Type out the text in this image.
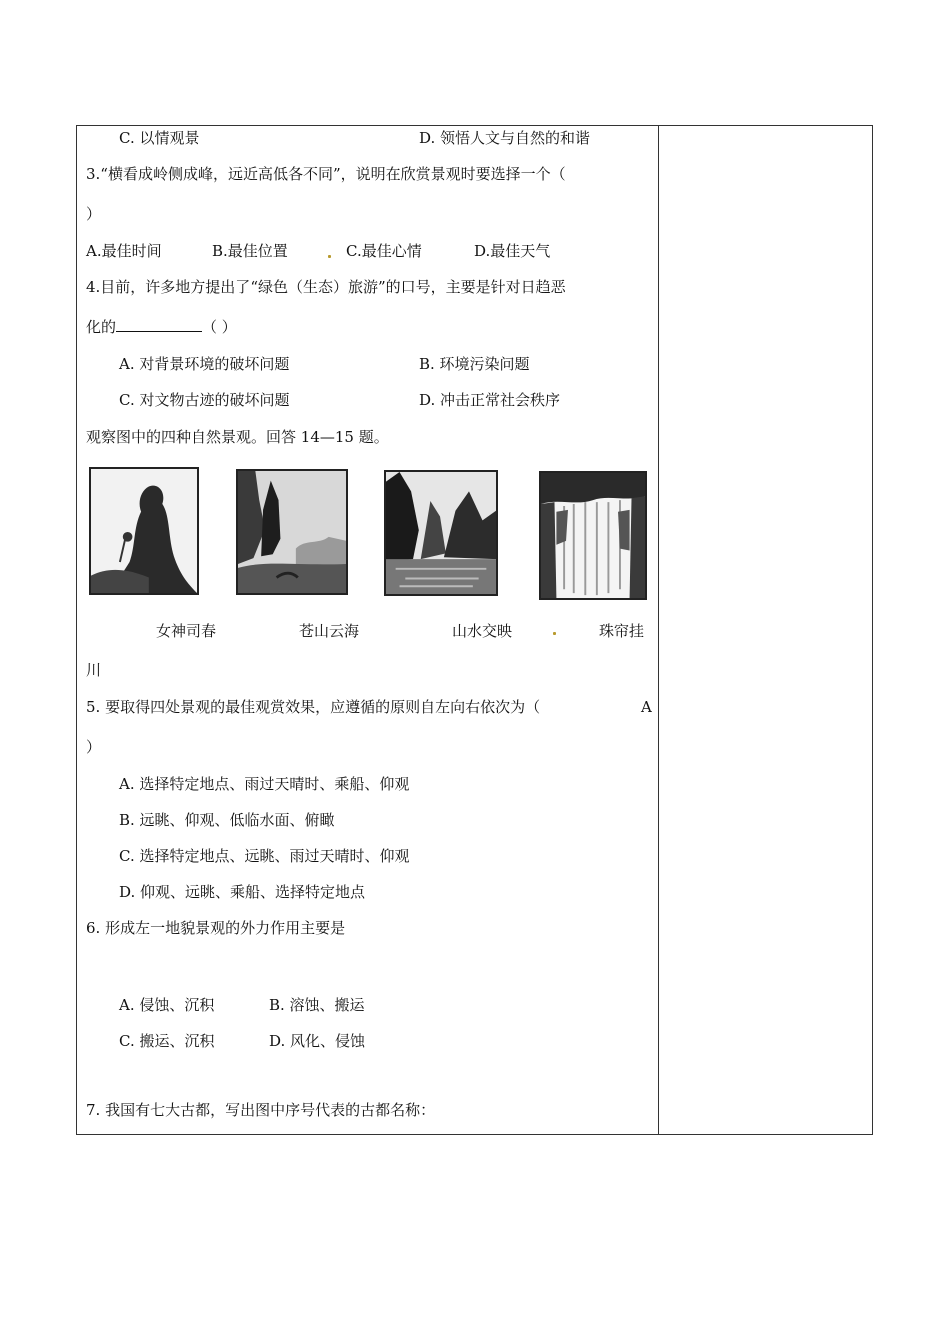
C. 以情观景	D. 领悟人文与自然的和谐
3.“横看成岭侧成峰，远近高低各不同”，说明在欣赏景观时要选择一个（
）
A.最佳时间	B.最佳位置	C.最佳心情	D.最佳天气
4.目前，许多地方提出了“绿色（生态）旅游”的口号，主要是针对日趋恶
化的	（ ）
A. 对背景环境的破坏问题	B. 环境污染问题
C. 对文物古迹的破坏问题	D. 冲击正常社会秩序
观察图中的四种自然景观。回答 14—15 题。
女神司春	苍山云海	山水交映	珠帘挂
川
5. 要取得四处景观的最佳观赏效果，应遵循的原则自左向右依次为（	A
）
A. 选择特定地点、雨过天晴时、乘船、仰观
B. 远眺、仰观、低临水面、俯瞰
C. 选择特定地点、远眺、雨过天晴时、仰观
D. 仰观、远眺、乘船、选择特定地点
6. 形成左一地貌景观的外力作用主要是
A. 侵蚀、沉积	B. 溶蚀、搬运
C. 搬运、沉积	D. 风化、侵蚀
7. 我国有七大古都，写出图中序号代表的古都名称：
